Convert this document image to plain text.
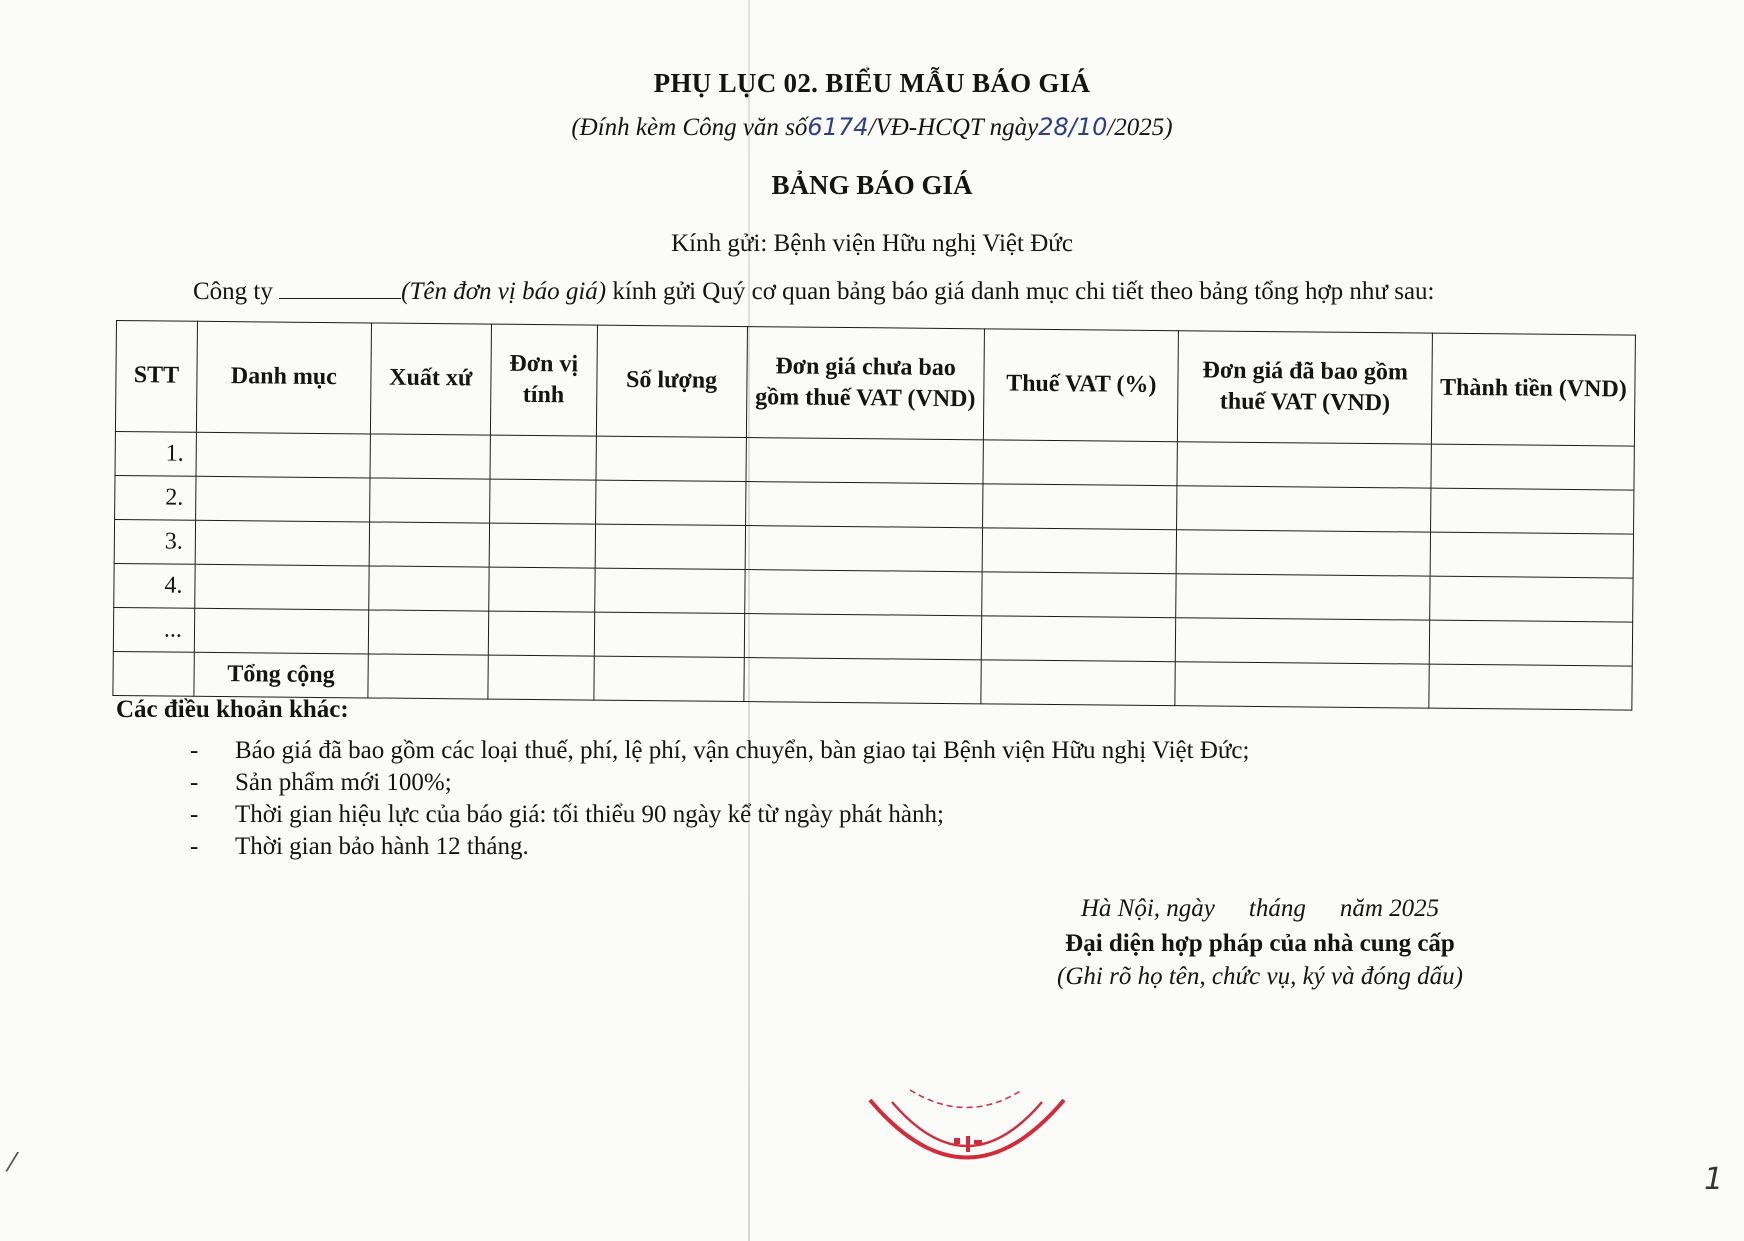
PHỤ LỤC 02. BIỂU MẪU BÁO GIÁ
(Đính kèm Công văn số6174/VĐ-HCQT ngày28/10/2025)
BẢNG BÁO GIÁ
Kính gửi: Bệnh viện Hữu nghị Việt Đức
Công ty	(Tên đơn vị báo giá) kính gửi Quý cơ quan bảng báo giá danh mục chi tiết theo bảng tổng hợp như sau:
STT	Danh mục	Xuất xứ	Đơn vị tính	Số lượng	Đơn giá chưa bao gồm thuế VAT (VND)	Thuế VAT (%)	Đơn giá đã bao gồm thuế VAT (VND)	Thành tiền (VND)
1.								
2.								
3.								
4.								
...								
	Tổng cộng							
Các điều khoản khác:
- Báo giá đã bao gồm các loại thuế, phí, lệ phí, vận chuyển, bàn giao tại Bệnh viện Hữu nghị Việt Đức;
- Sản phẩm mới 100%;
- Thời gian hiệu lực của báo giá: tối thiểu 90 ngày kể từ ngày phát hành;
- Thời gian bảo hành 12 tháng.
Hà Nội, ngày tháng năm 2025
Đại diện hợp pháp của nhà cung cấp
(Ghi rõ họ tên, chức vụ, ký và đóng dấu)
⁄	1
